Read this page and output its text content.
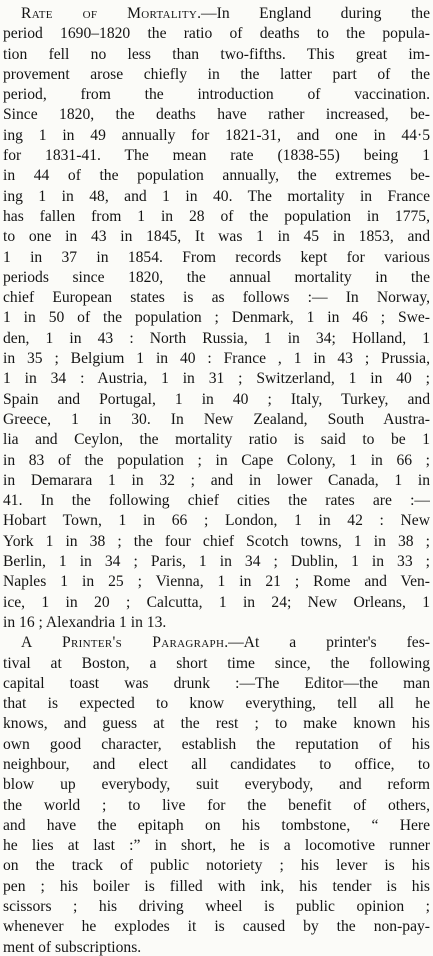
Rate of Mortality.—In England during the
period 1690–1820 the ratio of deaths to the popula-
tion fell no less than two-fifths. This great im-
provement arose chiefly in the latter part of the
period, from the introduction of vaccination.
Since 1820, the deaths have rather increased, be-
ing 1 in 49 annually for 1821-31, and one in 44·5
for 1831-41. The mean rate (1838-55) being 1
in 44 of the population annually, the extremes be-
ing 1 in 48, and 1 in 40. The mortality in France
has fallen from 1 in 28 of the population in 1775,
to one in 43 in 1845, It was 1 in 45 in 1853, and
1 in 37 in 1854. From records kept for various
periods since 1820, the annual mortality in the
chief European states is as follows :— In Norway,
1 in 50 of the population ; Denmark, 1 in 46 ; Swe-
den, 1 in 43 : North Russia, 1 in 34; Holland, 1
in 35 ; Belgium 1 in 40 : France , 1 in 43 ; Prussia,
1 in 34 : Austria, 1 in 31 ; Switzerland, 1 in 40 ;
Spain and Portugal, 1 in 40 ; Italy, Turkey, and
Greece, 1 in 30. In New Zealand, South Austra-
lia and Ceylon, the mortality ratio is said to be 1
in 83 of the population ; in Cape Colony, 1 in 66 ;
in Demarara 1 in 32 ; and in lower Canada, 1 in
41. In the following chief cities the rates are :—
Hobart Town, 1 in 66 ; London, 1 in 42 : New
York 1 in 38 ; the four chief Scotch towns, 1 in 38 ;
Berlin, 1 in 34 ; Paris, 1 in 34 ; Dublin, 1 in 33 ;
Naples 1 in 25 ; Vienna, 1 in 21 ; Rome and Ven-
ice, 1 in 20 ; Calcutta, 1 in 24; New Orleans, 1
in 16 ; Alexandria 1 in 13.
A Printer's Paragraph.—At a printer's fes-
tival at Boston, a short time since, the following
capital toast was drunk :—The Editor—the man
that is expected to know everything, tell all he
knows, and guess at the rest ; to make known his
own good character, establish the reputation of his
neighbour, and elect all candidates to office, to
blow up everybody, suit everybody, and reform
the world ; to live for the benefit of others,
and have the epitaph on his tombstone, “ Here
he lies at last :” in short, he is a locomotive runner
on the track of public notoriety ; his lever is his
pen ; his boiler is filled with ink, his tender is his
scissors ; his driving wheel is public opinion ;
whenever he explodes it is caused by the non-pay-
ment of subscriptions.
